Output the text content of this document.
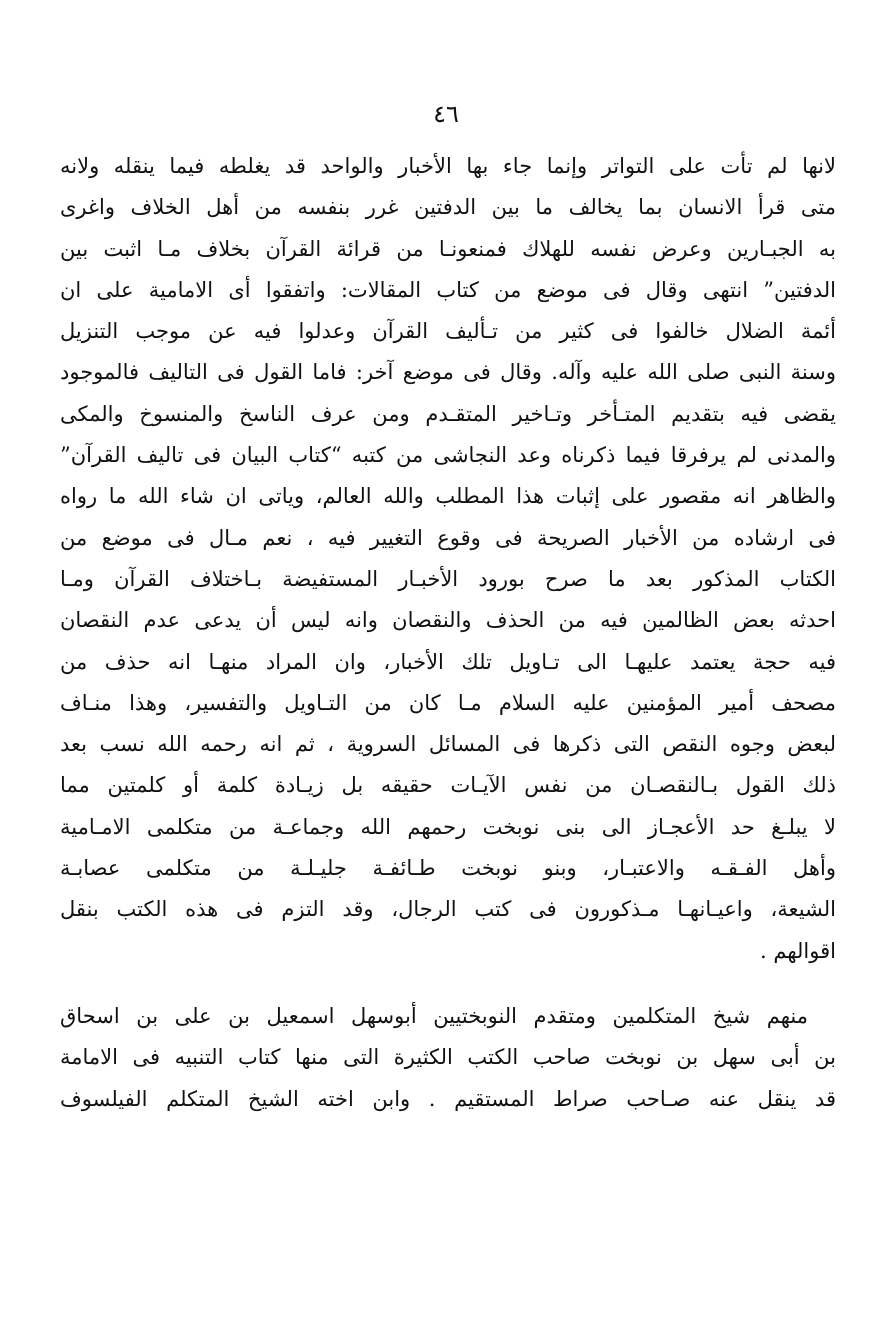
٤٦
لانها لم تأت على التواتر وإنما جاء بها الأخبار والواحد قد يغلطه فيما ينقله ولانه
متى قرأ الانسان بما يخالف ما بين الدفتين غرر بنفسه من أهل الخلاف واغرى
به الجبـارين وعرض نفسه للهلاك فمنعونـا من قرائة القرآن بخلاف مـا اثبت بين
الدفتين” انتهى وقال فى موضع من كتاب المقالات: واتفقوا أى الامامية على ان
أئمة الضلال خالفوا فى كثير من تـأليف القرآن وعدلوا فيه عن موجب التنزيل
وسنة النبى صلى الله عليه وآله. وقال فى موضع آخر: فاما القول فى التاليف فالموجود
يقضى فيه بتقديم المتـأخر وتـاخير المتقـدم ومن عرف الناسخ والمنسوخ والمكى
والمدنى لم يرفرقا فيما ذكرناه وعد النجاشى من كتبه “كتاب البيان فى تاليف القرآن”
والظاهر انه مقصور على إثبات هذا المطلب والله العالم، وياتى ان شاء الله ما رواه
فى ارشاده من الأخبار الصريحة فى وقوع التغيير فيه ، نعم مـال فى موضع من
الكتاب المذكور بعد ما صرح بورود الأخبـار المستفيضة بـاختلاف القرآن ومـا
احدثه بعض الظالمين فيه من الحذف والنقصان وانه ليس أن يدعى عدم النقصان
فيه حجة يعتمد عليهـا الى تـاويل تلك الأخبار، وان المراد منهـا انه حذف من
مصحف أمير المؤمنين عليه السلام مـا كان من التـاويل والتفسير، وهذا منـاف
لبعض وجوه النقص التى ذكرها فى المسائل السروية ، ثم انه رحمه الله نسب بعد
ذلك القول بـالنقصـان من نفس الآيـات حقيقه بل زيـادة كلمة أو كلمتين مما
لا يبلـغ حد الأعجـاز الى بنى نوبخت رحمهم الله وجماعـة من متكلمى الامـامية
وأهل الفـقـه والاعتبـار، وبنو نوبخت طـائفـة جليـلـة من متكلمى عصابـة
الشيعة، واعيـانهـا مـذكورون فى كتب الرجال، وقد التزم فى هذه الكتب بنقل
اقوالهم .
منهم شيخ المتكلمين ومتقدم النوبختيين أبوسهل اسمعيل بن على بن اسحاق
بن أبى سهل بن نوبخت صاحب الكتب الكثيرة التى منها كتاب التنبيه فى الامامة
قد ينقل عنه صـاحب صراط المستقيم . وابن اخته الشيخ المتكلم الفيلسوف
